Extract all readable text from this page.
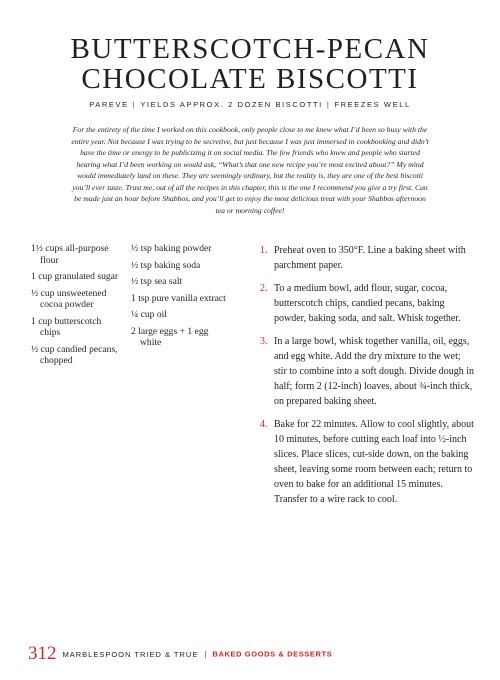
BUTTERSCOTCH-PECAN
CHOCOLATE BISCOTTI
PAREVE | YIELDS APPROX. 2 DOZEN BISCOTTI | FREEZES WELL

For the entirety of the time I worked on this cookbook, only people close to me knew what I’d been so busy with the entire year. Not because I was trying to be secretive, but just because I was just immersed in cookbooking and didn’t have the time or energy to be publicizing it on social media. The few friends who knew and people who started hearing what I’d been working on would ask, “What’s that one new recipe you’re most excited about?” My mind would immediately land on these. They are seemingly ordinary, but the reality is, they are one of the best biscotti you’ll ever taste. Trust me, out of all the recipes in this chapter, this is the one I recommend you give a try first. Can be made just an hour before Shabbos, and you’ll get to enjoy the most delicious treat with your Shabbos afternoon tea or morning coffee!

1½ cups all-purpose flour
1 cup granulated sugar
½ cup unsweetened cocoa powder
1 cup butterscotch chips
½ cup candied pecans, chopped
½ tsp baking powder
½ tsp baking soda
½ tsp sea salt
1 tsp pure vanilla extract
¼ cup oil
2 large eggs + 1 egg white
1. Preheat oven to 350°F. Line a baking sheet with parchment paper.
2. To a medium bowl, add flour, sugar, cocoa, butterscotch chips, candied pecans, baking powder, baking soda, and salt. Whisk together.
3. In a large bowl, whisk together vanilla, oil, eggs, and egg white. Add the dry mixture to the wet; stir to combine into a soft dough. Divide dough in half; form 2 (12-inch) loaves, about ¾-inch thick, on prepared baking sheet.
4. Bake for 22 minutes. Allow to cool slightly, about 10 minutes, before cutting each loaf into ½-inch slices. Place slices, cut-side down, on the baking sheet, leaving some room between each; return to oven to bake for an additional 15 minutes. Transfer to a wire rack to cool.
312 MARBLESPOON TRIED & TRUE | BAKED GOODS & DESSERTS
